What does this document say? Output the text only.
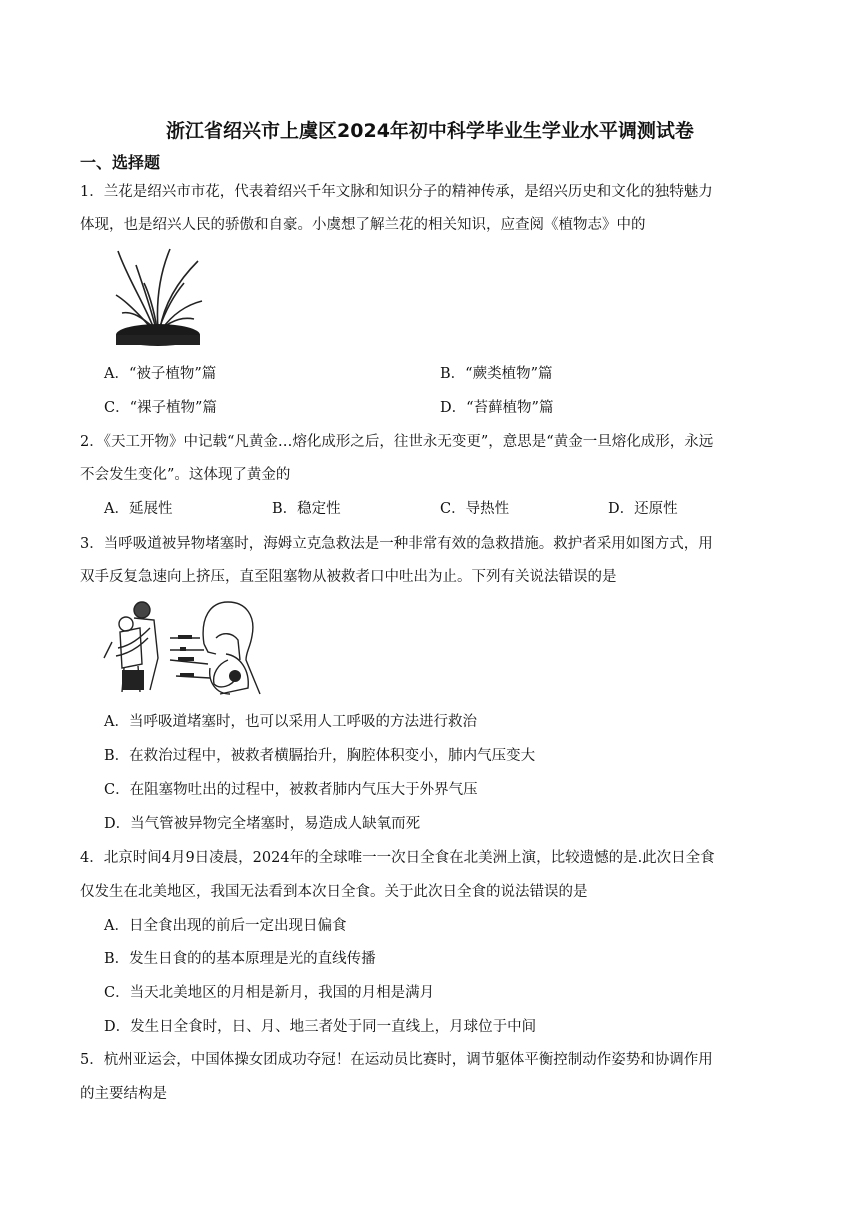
浙江省绍兴市上虞区2024年初中科学毕业生学业水平调测试卷
一、选择题
1．兰花是绍兴市市花，代表着绍兴千年文脉和知识分子的精神传承，是绍兴历史和文化的独特魅力
体现，也是绍兴人民的骄傲和自豪。小虞想了解兰花的相关知识，应查阅《植物志》中的
A．“被子植物”篇	B．“蕨类植物”篇
C．“裸子植物”篇	D．“苔藓植物”篇
2．《天工开物》中记载“凡黄金…熔化成形之后，往世永无变更”，意思是“黄金一旦熔化成形，永远
不会发生变化”。这体现了黄金的
A．延展性	B．稳定性	C．导热性	D．还原性
3．当呼吸道被异物堵塞时，海姆立克急救法是一种非常有效的急救措施。救护者采用如图方式，用
双手反复急速向上挤压，直至阻塞物从被救者口中吐出为止。下列有关说法错误的是
A．当呼吸道堵塞时，也可以采用人工呼吸的方法进行救治
B．在救治过程中，被救者横膈抬升，胸腔体积变小，肺内气压变大
C．在阻塞物吐出的过程中，被救者肺内气压大于外界气压
D．当气管被异物完全堵塞时，易造成人缺氧而死
4．北京时间4月9日凌晨，2024年的全球唯一一次日全食在北美洲上演，比较遗憾的是.此次日全食
仅发生在北美地区，我国无法看到本次日全食。关于此次日全食的说法错误的是
A．日全食出现的前后一定出现日偏食
B．发生日食的的基本原理是光的直线传播
C．当天北美地区的月相是新月，我国的月相是满月
D．发生日全食时，日、月、地三者处于同一直线上，月球位于中间
5．杭州亚运会，中国体操女团成功夺冠！在运动员比赛时，调节躯体平衡控制动作姿势和协调作用
的主要结构是
